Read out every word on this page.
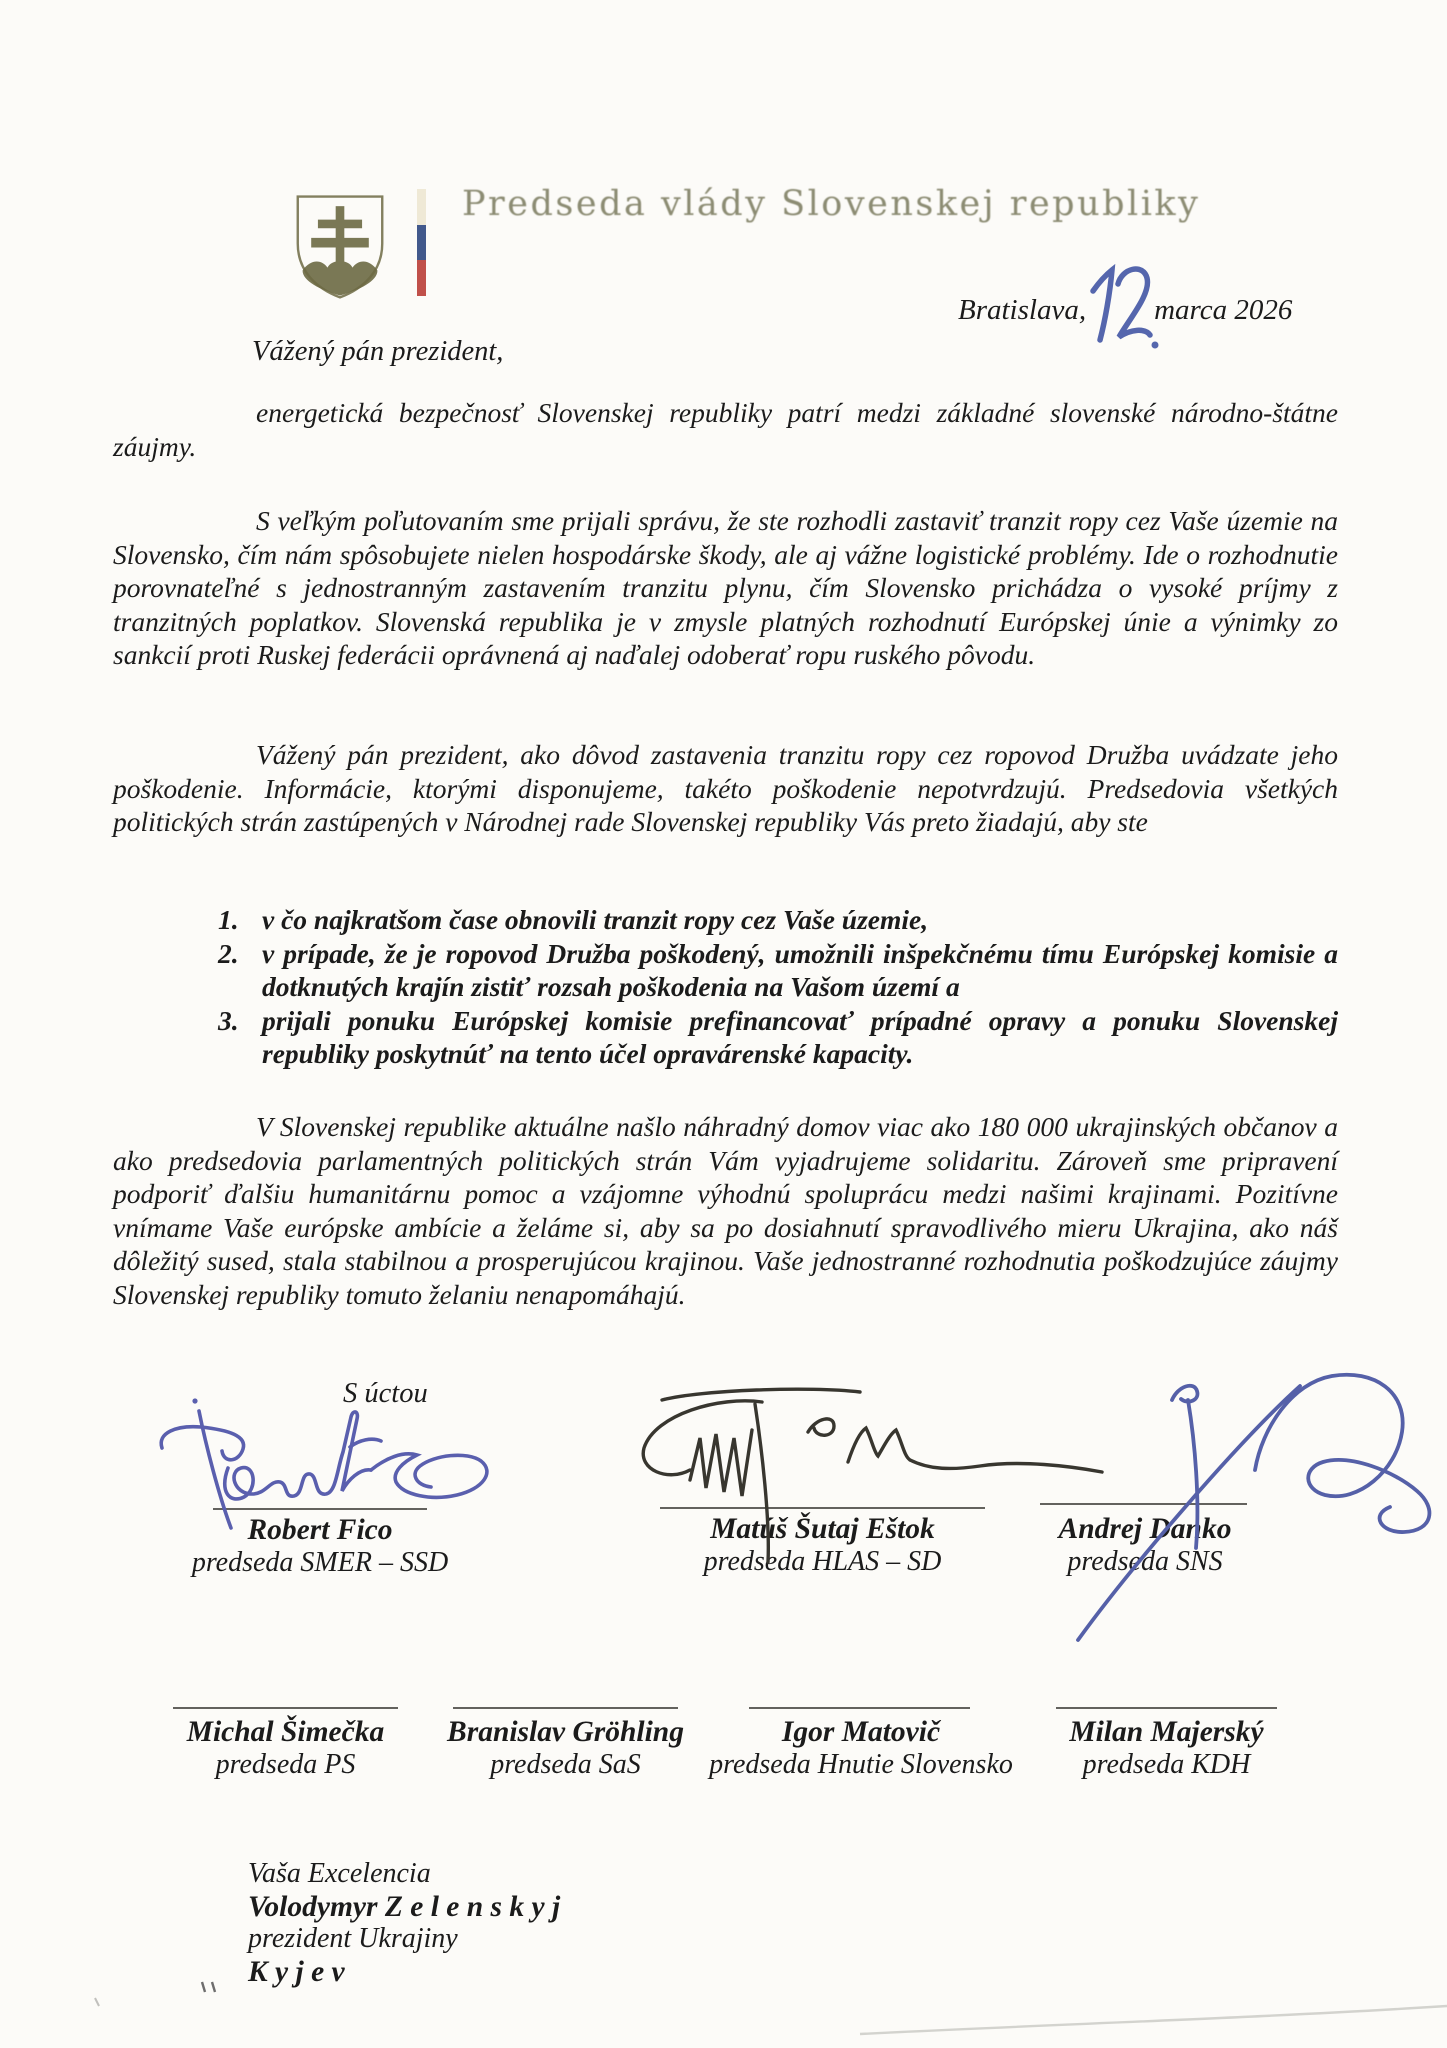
Predseda vlády Slovenskej republiky
Bratislava, marca 2026
Vážený pán prezident,

energetická bezpečnosť Slovenskej republiky patrí medzi základné slovenské národno-štátne záujmy.

S veľkým poľutovaním sme prijali správu, že ste rozhodli zastaviť tranzit ropy cez Vaše územie na Slovensko, čím nám spôsobujete nielen hospodárske škody, ale aj vážne logistické problémy. Ide o rozhodnutie porovnateľné s jednostranným zastavením tranzitu plynu, čím Slovensko prichádza o vysoké príjmy z tranzitných poplatkov. Slovenská republika je v zmysle platných rozhodnutí Európskej únie a výnimky zo sankcií proti Ruskej federácii oprávnená aj naďalej odoberať ropu ruského pôvodu.

Vážený pán prezident, ako dôvod zastavenia tranzitu ropy cez ropovod Družba uvádzate jeho poškodenie. Informácie, ktorými disponujeme, takéto poškodenie nepotvrdzujú. Predsedovia všetkých politických strán zastúpených v Národnej rade Slovenskej republiky Vás preto žiadajú, aby ste

1. v čo najkratšom čase obnovili tranzit ropy cez Vaše územie,
2. v prípade, že je ropovod Družba poškodený, umožnili inšpekčnému tímu Európskej komisie a dotknutých krajín zistiť rozsah poškodenia na Vašom území a
3. prijali ponuku Európskej komisie prefinancovať prípadné opravy a ponuku Slovenskej republiky poskytnúť na tento účel opravárenské kapacity.

V Slovenskej republike aktuálne našlo náhradný domov viac ako 180 000 ukrajinských občanov a ako predsedovia parlamentných politických strán Vám vyjadrujeme solidaritu. Zároveň sme pripravení podporiť ďalšiu humanitárnu pomoc a vzájomne výhodnú spoluprácu medzi našimi krajinami. Pozitívne vnímame Vaše európske ambície a želáme si, aby sa po dosiahnutí spravodlivého mieru Ukrajina, ako náš dôležitý sused, stala stabilnou a prosperujúcou krajinou. Vaše jednostranné rozhodnutia poškodzujúce záujmy Slovenskej republiky tomuto želaniu nenapomáhajú.

S úctou
Robert Fico
predseda SMER – SSD
Matúš Šutaj Eštok
predseda HLAS – SD
Andrej Danko
predseda SNS
Michal Šimečka
predseda PS
Branislav Gröhling
predseda SaS
Igor Matovič
predseda Hnutie Slovensko
Milan Majerský
predseda KDH
Vaša Excelencia
Volodymyr Z e l e n s k y j
prezident Ukrajiny
K y j e v
